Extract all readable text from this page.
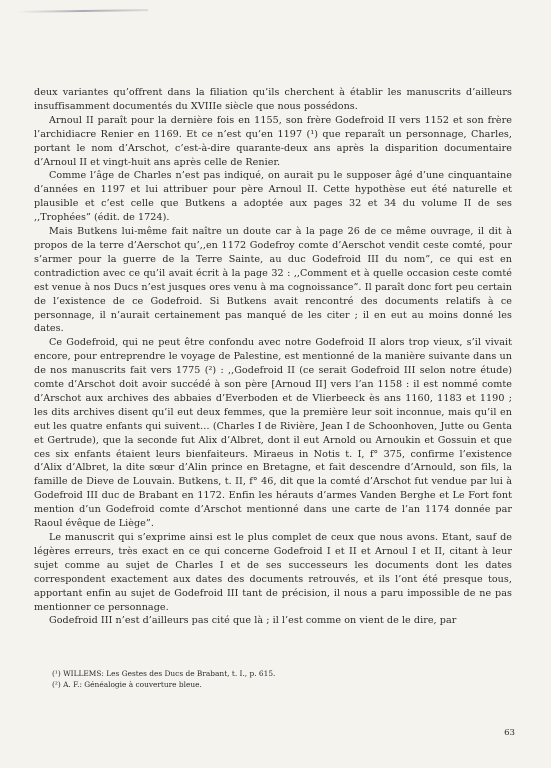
deux variantes qu’offrent dans la filiation qu’ils cherchent à établir les manuscrits d’ailleurs insuffisamment documentés du XVIIIe siècle que nous possédons.

Arnoul II paraît pour la dernière fois en 1155, son frère Godefroid II vers 1152 et son frère l’archidiacre Renier en 1169. Et ce n’est qu’en 1197 (¹) que reparaît un personnage, Charles, portant le nom d’Arschot, c’est-à-dire quarante-deux ans après la disparition documentaire d’Arnoul II et vingt-huit ans après celle de Renier.

Comme l’âge de Charles n’est pas indiqué, on aurait pu le supposer âgé d’une cinquantaine d’années en 1197 et lui attribuer pour père Arnoul II. Cette hypothèse eut été naturelle et plausible et c’est celle que Butkens a adoptée aux pages 32 et 34 du volume II de ses ,,Trophées” (édit. de 1724).

Mais Butkens lui-même fait naître un doute car à la page 26 de ce même ouvrage, il dit à propos de la terre d’Aerschot qu’,,en 1172 Godefroy comte d’Aerschot vendit ceste comté, pour s’armer pour la guerre de la Terre Sainte, au duc Godefroid III du nom”, ce qui est en contradiction avec ce qu’il avait écrit à la page 32 : ,,Comment et à quelle occasion ceste comté est venue à nos Ducs n’est jusques ores venu à ma cognoissance”. Il paraît donc fort peu certain de l’existence de ce Godefroid. Si Butkens avait rencontré des documents relatifs à ce personnage, il n’aurait certainement pas manqué de les citer ; il en eut au moins donné les dates.

Ce Godefroid, qui ne peut être confondu avec notre Godefroid II alors trop vieux, s’il vivait encore, pour entreprendre le voyage de Palestine, est mentionné de la manière suivante dans un de nos manuscrits fait vers 1775 (²) : ,,Godefroid II (ce serait Godefroid III selon notre étude) comte d’Arschot doit avoir succédé à son père [Arnoud II] vers l’an 1158 : il est nommé comte d’Arschot aux archives des abbaies d’Everboden et de Vlierbeeck ès ans 1160, 1183 et 1190 ; les dits archives disent qu’il eut deux femmes, que la première leur soit inconnue, mais qu’il en eut les quatre enfants qui suivent… (Charles I de Rivière, Jean I de Schoonhoven, Jutte ou Genta et Gertrude), que la seconde fut Alix d’Albret, dont il eut Arnold ou Arnoukin et Gossuin et que ces six enfants étaient leurs bienfaiteurs. Miraeus in Notis t. I, f° 375, confirme l’existence d’Alix d’Albret, la dite sœur d’Alin prince en Bretagne, et fait descendre d’Arnould, son fils, la famille de Dieve de Louvain. Butkens, t. II, f° 46, dit que la comté d’Arschot fut vendue par lui à Godefroid III duc de Brabant en 1172. Enfin les hérauts d’armes Vanden Berghe et Le Fort font mention d’un Godefroid comte d’Arschot mentionné dans une carte de l’an 1174 donnée par Raoul évêque de Liège”.

Le manuscrit qui s’exprime ainsi est le plus complet de ceux que nous avons. Etant, sauf de légères erreurs, très exact en ce qui concerne Godefroid I et II et Arnoul I et II, citant à leur sujet comme au sujet de Charles I et de ses successeurs les documents dont les dates correspondent exactement aux dates des documents retrouvés, et ils l’ont été presque tous, apportant enfin au sujet de Godefroid III tant de précision, il nous a paru impossible de ne pas mentionner ce personnage.

Godefroid III n’est d’ailleurs pas cité que là ; il l’est comme on vient de le dire, par

(¹) WILLEMS: Les Gestes des Ducs de Brabant, t. I., p. 615.
(²) A. F.: Généalogie à couverture bleue.
63
